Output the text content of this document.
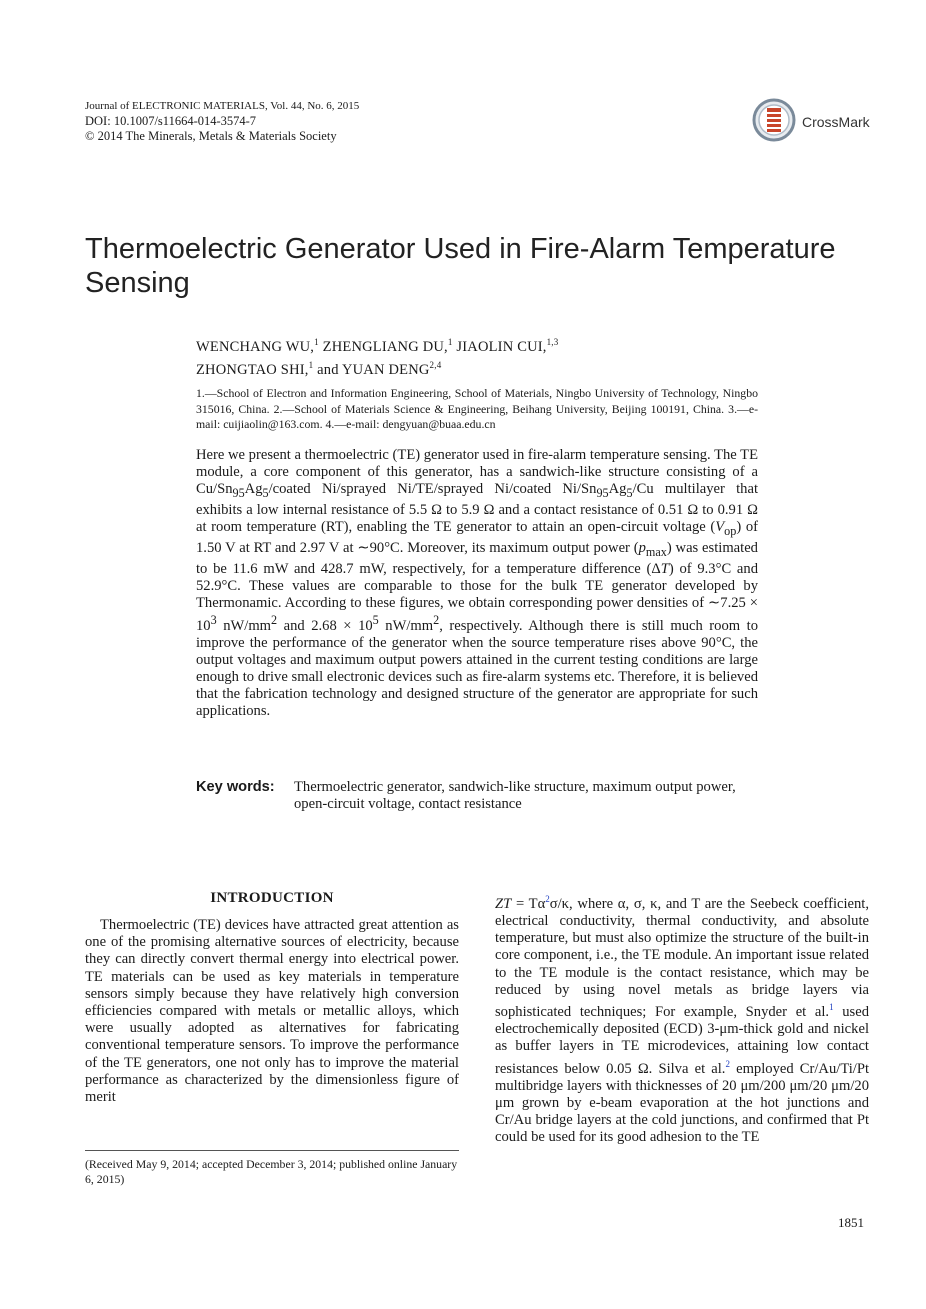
Journal of ELECTRONIC MATERIALS, Vol. 44, No. 6, 2015
DOI: 10.1007/s11664-014-3574-7
© 2014 The Minerals, Metals & Materials Society
CrossMark
Thermoelectric Generator Used in Fire-Alarm Temperature Sensing
WENCHANG WU,$^1$ ZHENGLIANG DU,$^1$ JIAOLIN CUI,$^{1,3}$
ZHONGTAO SHI,$^1$ and YUAN DENG$^{2,4}$
1.—School of Electron and Information Engineering, School of Materials, Ningbo University of Technology, Ningbo 315016, China. 2.—School of Materials Science & Engineering, Beihang University, Beijing 100191, China. 3.—e-mail: cuijiaolin@163.com. 4.—e-mail: dengyuan@buaa.edu.cn

Here we present a thermoelectric (TE) generator used in fire-alarm temperature sensing. The TE module, a core component of this generator, has a sandwich-like structure consisting of a $Cu/Sn_{95}Ag_5$/coated Ni/sprayed Ni/TE/sprayed Ni/coated $Ni/Sn_{95}Ag_5/Cu$ multilayer that exhibits a low internal resistance of 5.5 Ω to 5.9 Ω and a contact resistance of 0.51 Ω to 0.91 Ω at room temperature (RT), enabling the TE generator to attain an open-circuit voltage $(V_{op})$ of 1.50 V at RT and 2.97 V at ∼90°C. Moreover, its maximum output power $(p_{max})$ was estimated to be 11.6 mW and 428.7 mW, respectively, for a temperature difference (ΔT) of 9.3°C and 52.9°C. These values are comparable to those for the bulk TE generator developed by Thermonamic. According to these figures, we obtain corresponding power densities of ∼7.25 × $10^3$ $nW/mm^2$ and $2.68 \times 10^5$ $nW/mm^2$, respectively. Although there is still much room to improve the performance of the generator when the source temperature rises above 90°C, the output voltages and maximum output powers attained in the current testing conditions are large enough to drive small electronic devices such as fire-alarm systems etc. Therefore, it is believed that the fabrication technology and designed structure of the generator are appropriate for such applications.

Key words: Thermoelectric generator, sandwich-like structure, maximum output power, open-circuit voltage, contact resistance
INTRODUCTION

Thermoelectric (TE) devices have attracted great attention as one of the promising alternative sources of electricity, because they can directly convert thermal energy into electrical power. TE materials can be used as key materials in temperature sensors simply because they have relatively high conversion efficiencies compared with metals or metallic alloys, which were usually adopted as alternatives for fabricating conventional temperature sensors. To improve the performance of the TE generators, one not only has to improve the material performance as characterized by the dimensionless figure of merit

(Received May 9, 2014; accepted December 3, 2014; published online January 6, 2015)

ZT = $T\alpha^2\sigma/\kappa$, where α, σ, κ, and T are the Seebeck coefficient, electrical conductivity, thermal conductivity, and absolute temperature, but must also optimize the structure of the built-in core component, i.e., the TE module. An important issue related to the TE module is the contact resistance, which may be reduced by using novel metals as bridge layers via sophisticated techniques; For example, Snyder et al.$^1$ used electrochemically deposited (ECD) 3-μm-thick gold and nickel as buffer layers in TE microdevices, attaining low contact resistances below 0.05 Ω. Silva et al.$^2$ employed Cr/Au/Ti/Pt multibridge layers with thicknesses of 20 μm/200 μm/20 μm/20 μm grown by e-beam evaporation at the hot junctions and Cr/Au bridge layers at the cold junctions, and confirmed that Pt could be used for its good adhesion to the TE

1851
